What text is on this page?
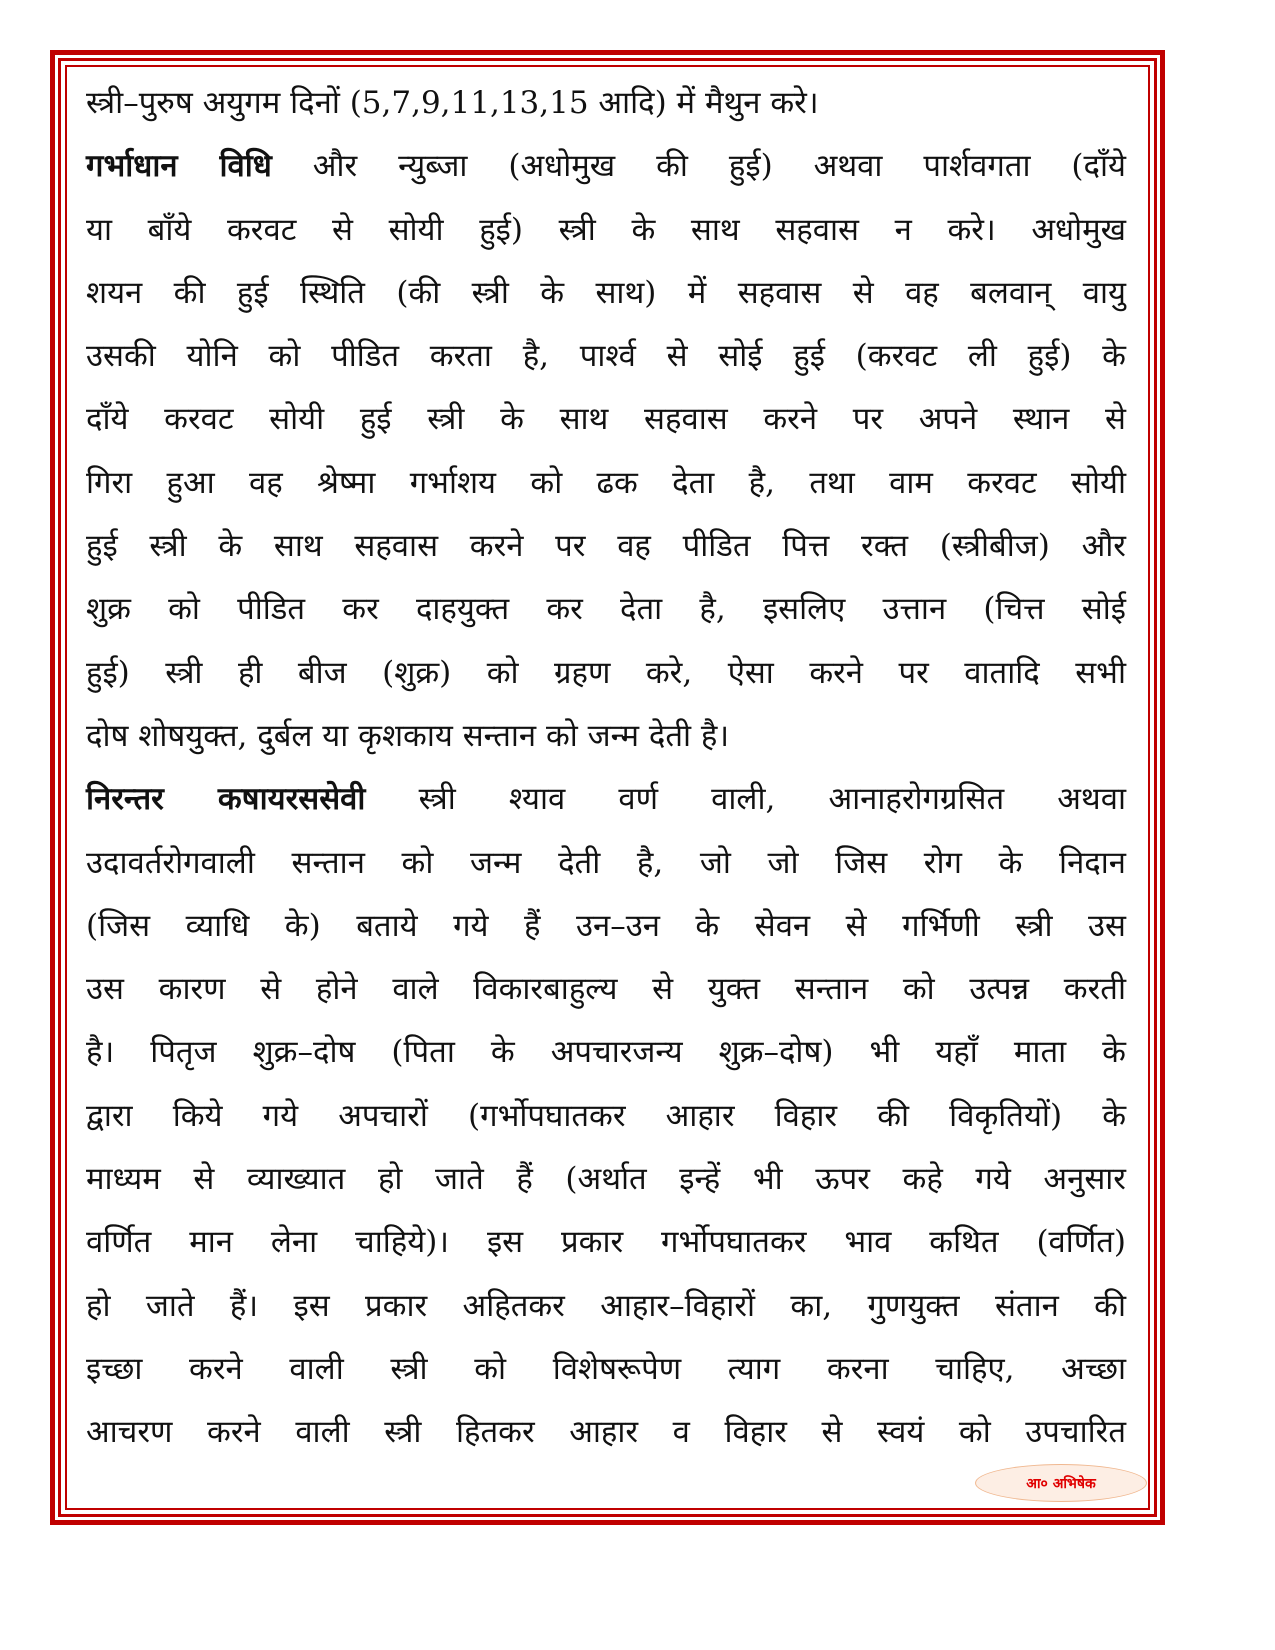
स्त्री–पुरुष अयुगम दिनों (5,7,9,11,13,15 आदि) में मैथुन करे।
गर्भाधान विधि और न्युब्जा (अधोमुख की हुई) अथवा पार्शवगता (दाँये
या बाँये करवट से सोयी हुई) स्त्री के साथ सहवास न करे। अधोमुख
शयन की हुई स्थिति (की स्त्री के साथ) में सहवास से वह बलवान् वायु
उसकी योनि को पीडित करता है, पार्श्व से सोई हुई (करवट ली हुई) के
दाँये करवट सोयी हुई स्त्री के साथ सहवास करने पर अपने स्थान से
गिरा हुआ वह श्रेष्मा गर्भाशय को ढक देता है, तथा वाम करवट सोयी
हुई स्त्री के साथ सहवास करने पर वह पीडित पित्त रक्त (स्त्रीबीज) और
शुक्र को पीडित कर दाहयुक्त कर देता है, इसलिए उत्तान (चित्त सोई
हुई) स्त्री ही बीज (शुक्र) को ग्रहण करे, ऐसा करने पर वातादि सभी
दोष शोषयुक्त, दुर्बल या कृशकाय सन्तान को जन्म देती है।
निरन्तर कषायरससेवी स्त्री श्याव वर्ण वाली, आनाहरोगग्रसित अथवा
उदावर्तरोगवाली सन्तान को जन्म देती है, जो जो जिस रोग के निदान
(जिस व्याधि के) बताये गये हैं उन–उन के सेवन से गर्भिणी स्त्री उस
उस कारण से होने वाले विकारबाहुल्य से युक्त सन्तान को उत्पन्न करती
है। पितृज शुक्र–दोष (पिता के अपचारजन्य शुक्र–दोष) भी यहाँ माता के
द्वारा किये गये अपचारों (गर्भोपघातकर आहार विहार की विकृतियों) के
माध्यम से व्याख्यात हो जाते हैं (अर्थात इन्हें भी ऊपर कहे गये अनुसार
वर्णित मान लेना चाहिये)। इस प्रकार गर्भोपघातकर भाव कथित (वर्णित)
हो जाते हैं। इस प्रकार अहितकर आहार–विहारों का, गुणयुक्त संतान की
इच्छा करने वाली स्त्री को विशेषरूपेण त्याग करना चाहिए, अच्छा
आचरण करने वाली स्त्री हितकर आहार व विहार से स्वयं को उपचारित
आ० अभिषेक
